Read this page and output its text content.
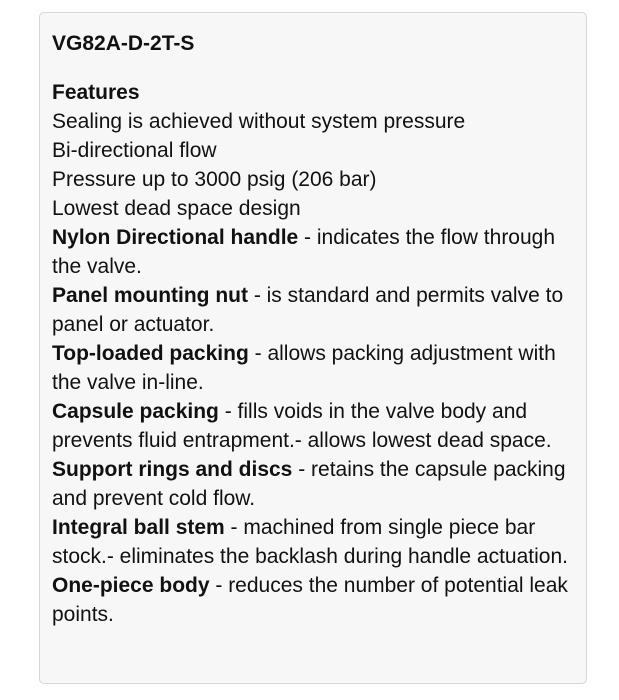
VG82A-D-2T-S
Features
Sealing is achieved without system pressure
Bi-directional flow
Pressure up to 3000 psig (206 bar)
Lowest dead space design
Nylon Directional handle - indicates the flow through the valve.
Panel mounting nut - is standard and permits valve to panel or actuator.
Top-loaded packing - allows packing adjustment with the valve in-line.
Capsule packing - fills voids in the valve body and prevents fluid entrapment.- allows lowest dead space.
Support rings and discs - retains the capsule packing and prevent cold flow.
Integral ball stem - machined from single piece bar stock.- eliminates the backlash during handle actuation.
One-piece body - reduces the number of potential leak points.
